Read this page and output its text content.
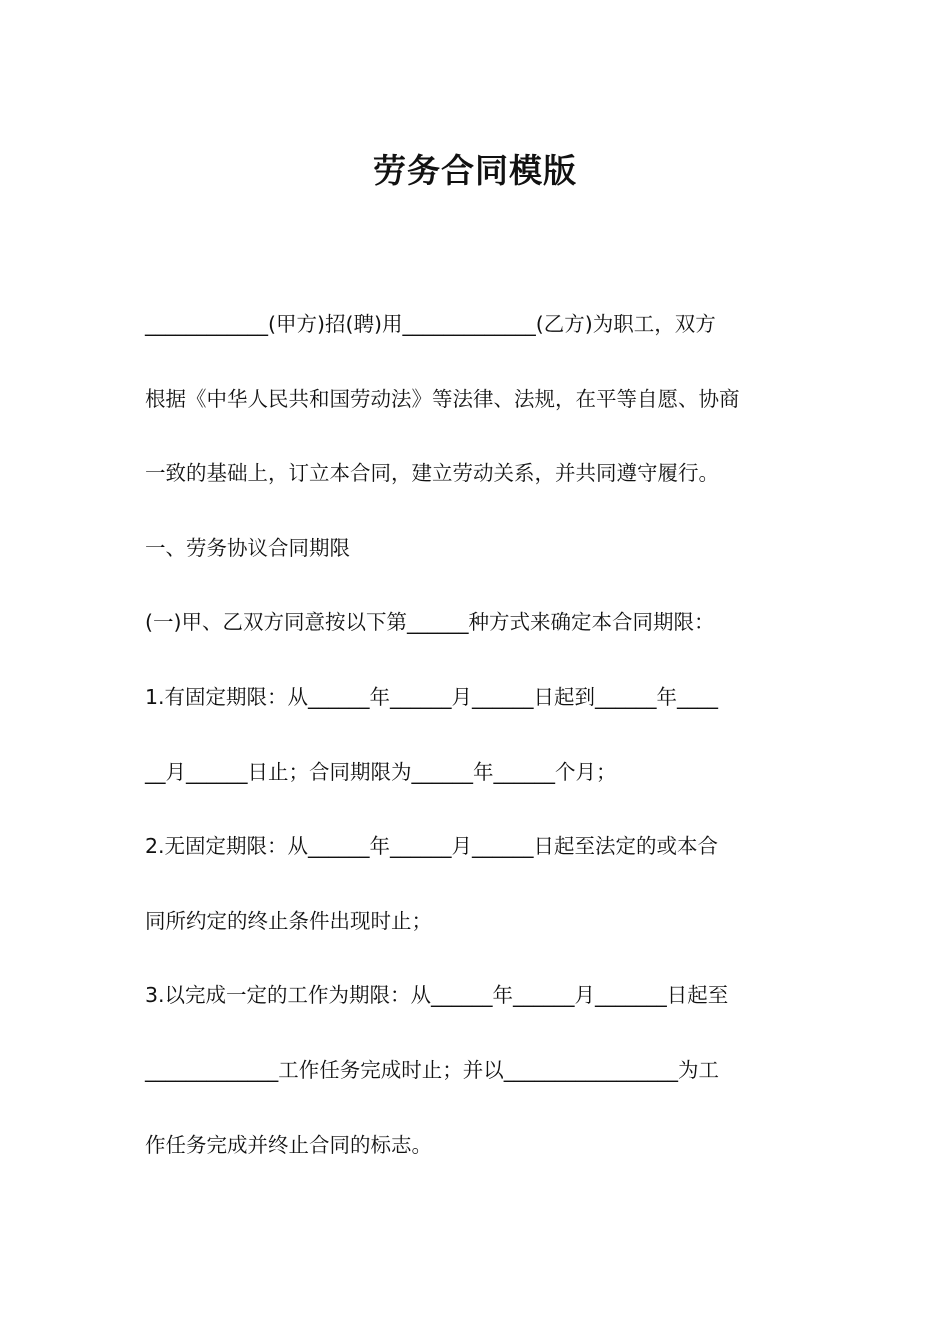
劳务合同模版
____________(甲方)招(聘)用_____________(乙方)为职工，双方
根据《中华人民共和国劳动法》等法律、法规，在平等自愿、协商
一致的基础上，订立本合同，建立劳动关系，并共同遵守履行。
一、劳务协议合同期限
(一)甲、乙双方同意按以下第______种方式来确定本合同期限：
1.有固定期限：从______年______月______日起到______年____
__月______日止；合同期限为______年______个月；
2.无固定期限：从______年______月______日起至法定的或本合
同所约定的终止条件出现时止；
3.以完成一定的工作为期限：从______年______月_______日起至
_____________工作任务完成时止；并以_________________为工
作任务完成并终止合同的标志。
